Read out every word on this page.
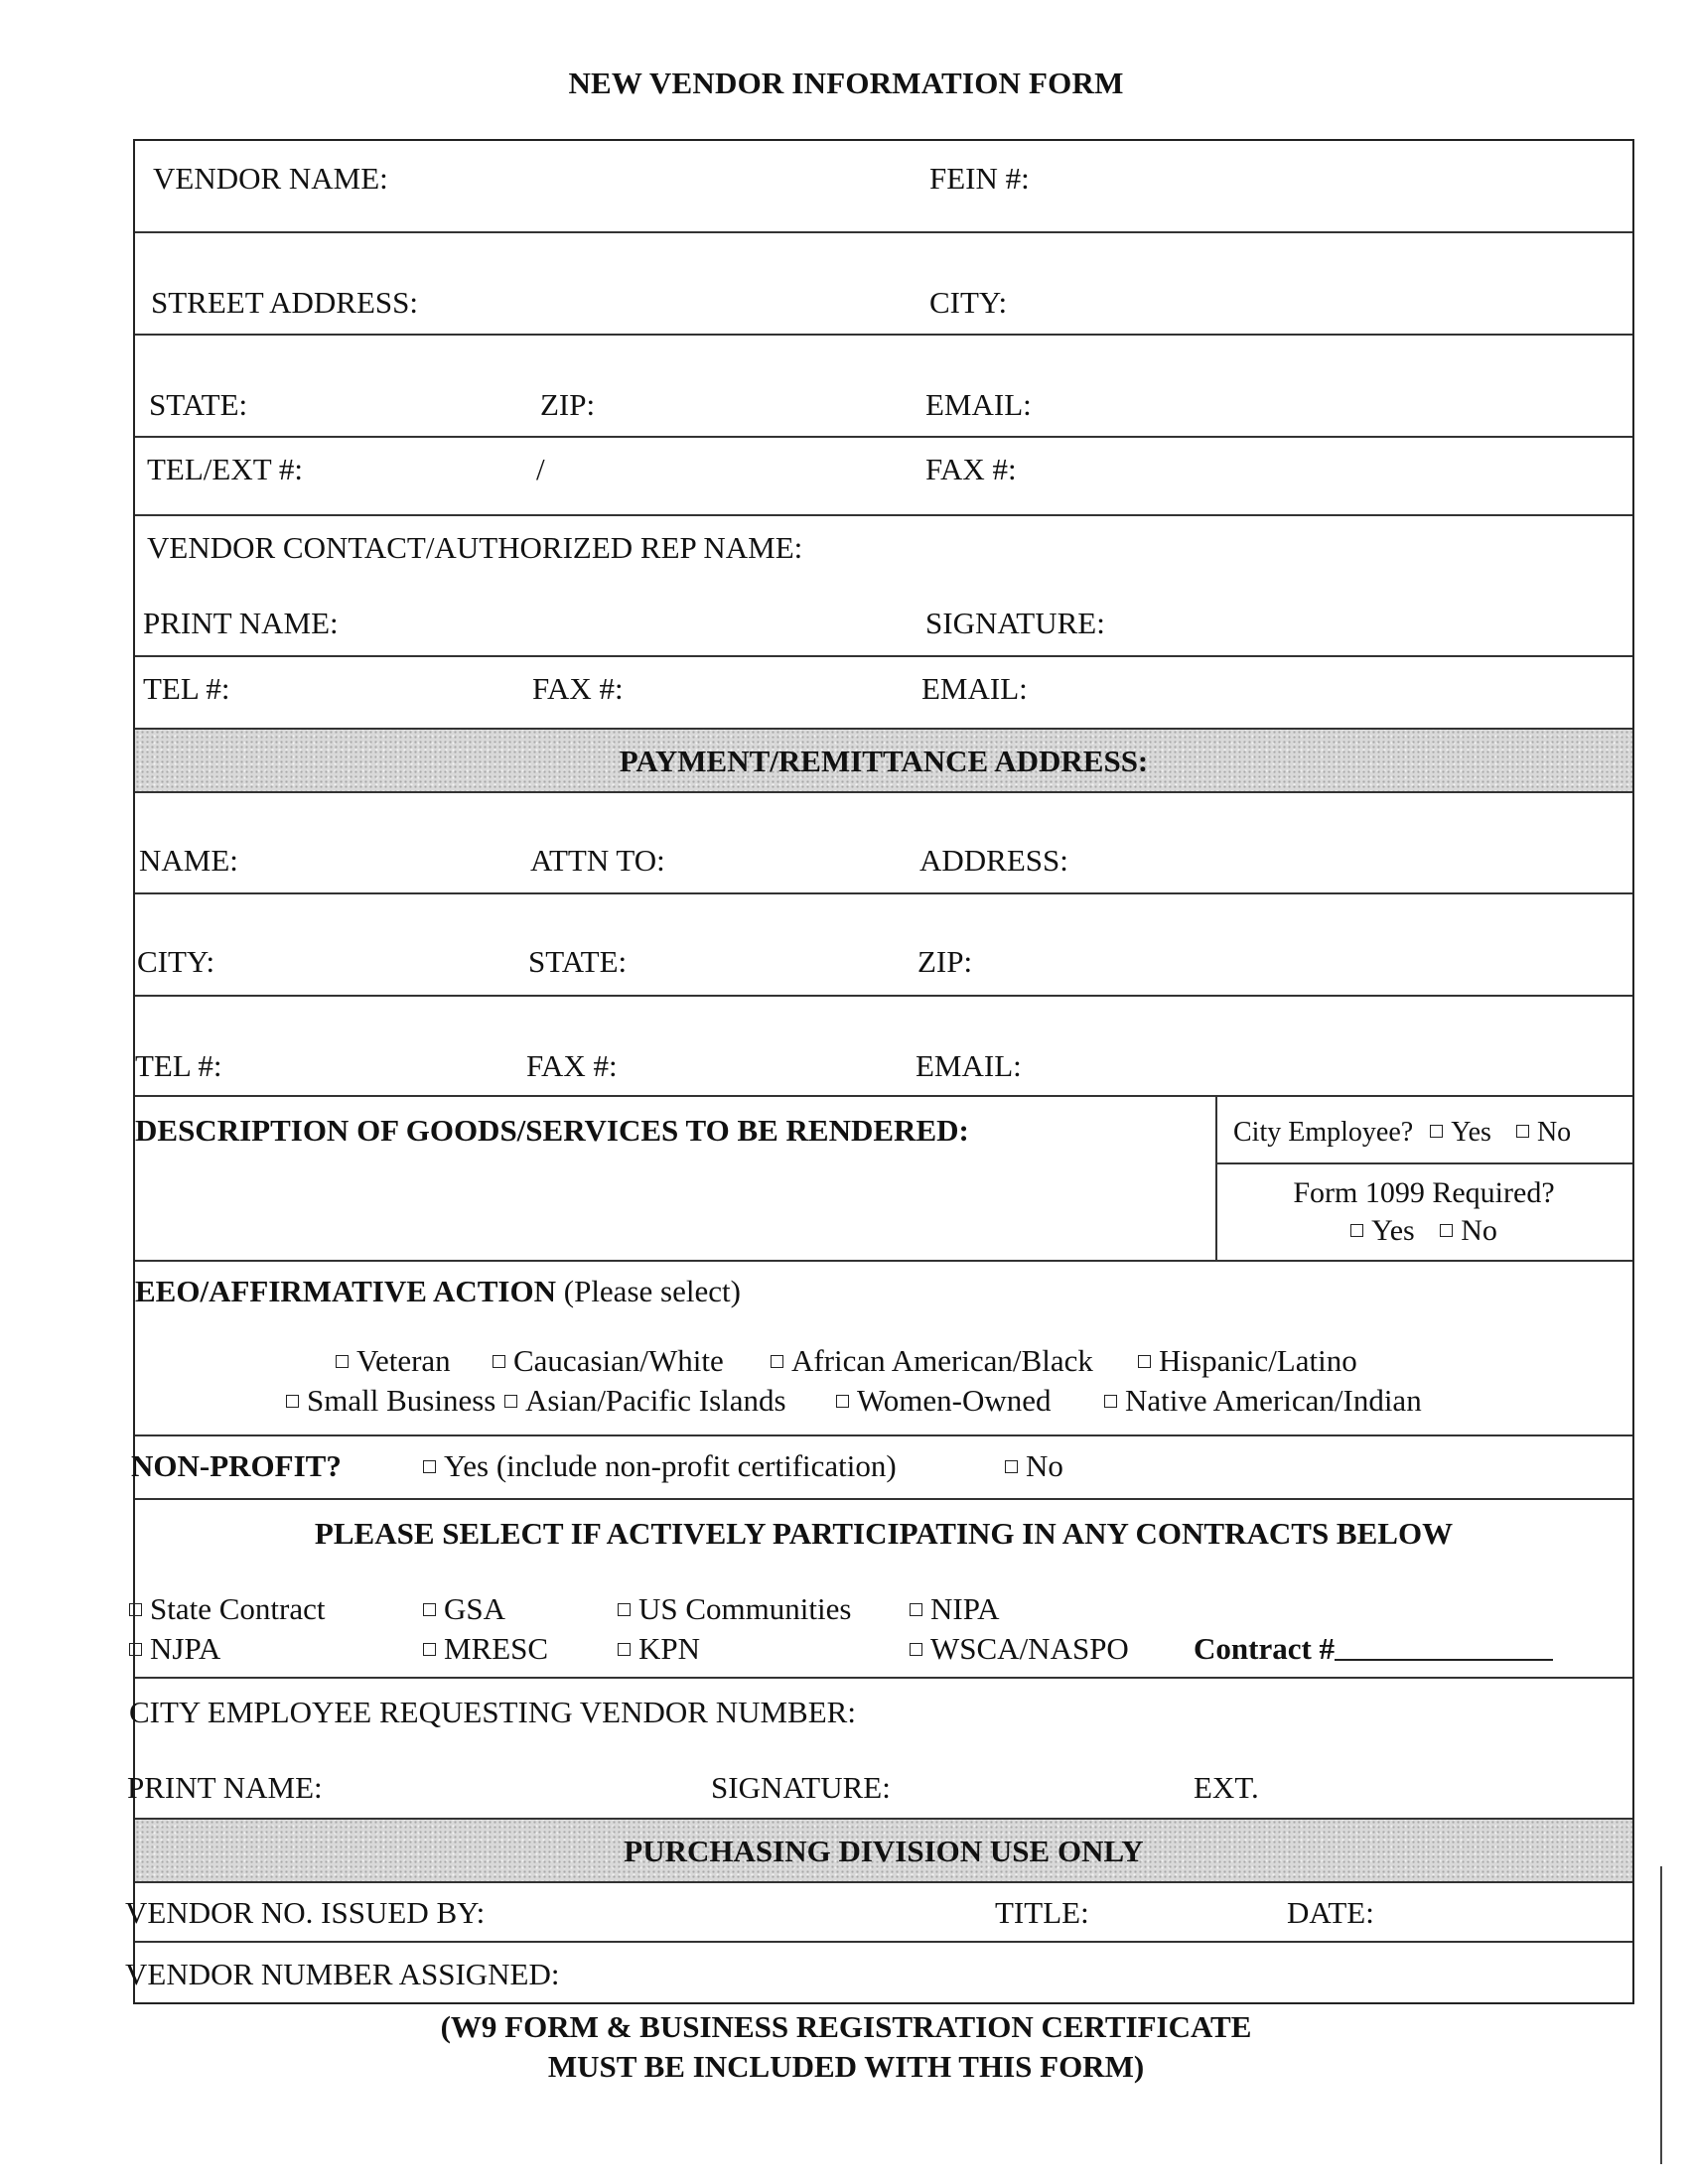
NEW VENDOR INFORMATION FORM
VENDOR NAME:	FEIN #:
STREET ADDRESS:	CITY:
STATE:	ZIP:	EMAIL:
TEL/EXT #:	/	FAX #:
VENDOR CONTACT/AUTHORIZED REP NAME:
PRINT NAME:	SIGNATURE:
TEL #:	FAX #:	EMAIL:
PAYMENT/REMITTANCE ADDRESS:
NAME:	ATTN TO:	ADDRESS:
CITY:	STATE:	ZIP:
TEL #:	FAX #:	EMAIL:
DESCRIPTION OF GOODS/SERVICES TO BE RENDERED:	City Employee? Yes No
Form 1099 Required?
Yes No
EEO/AFFIRMATIVE ACTION (Please select)
Veteran	Caucasian/White	African American/Black	Hispanic/Latino
Small Business Asian/Pacific Islands	Women-Owned	Native American/Indian
NON-PROFIT?	Yes (include non-profit certification)	No
PLEASE SELECT IF ACTIVELY PARTICIPATING IN ANY CONTRACTS BELOW
State Contract	GSA	US Communities	NIPA
NJPA	MRESC	KPN	WSCA/NASPO Contract #
CITY EMPLOYEE REQUESTING VENDOR NUMBER:
PRINT NAME:	SIGNATURE:	EXT.
PURCHASING DIVISION USE ONLY
VENDOR NO. ISSUED BY:	TITLE:	DATE:
VENDOR NUMBER ASSIGNED:
(W9 FORM & BUSINESS REGISTRATION CERTIFICATE
MUST BE INCLUDED WITH THIS FORM)
